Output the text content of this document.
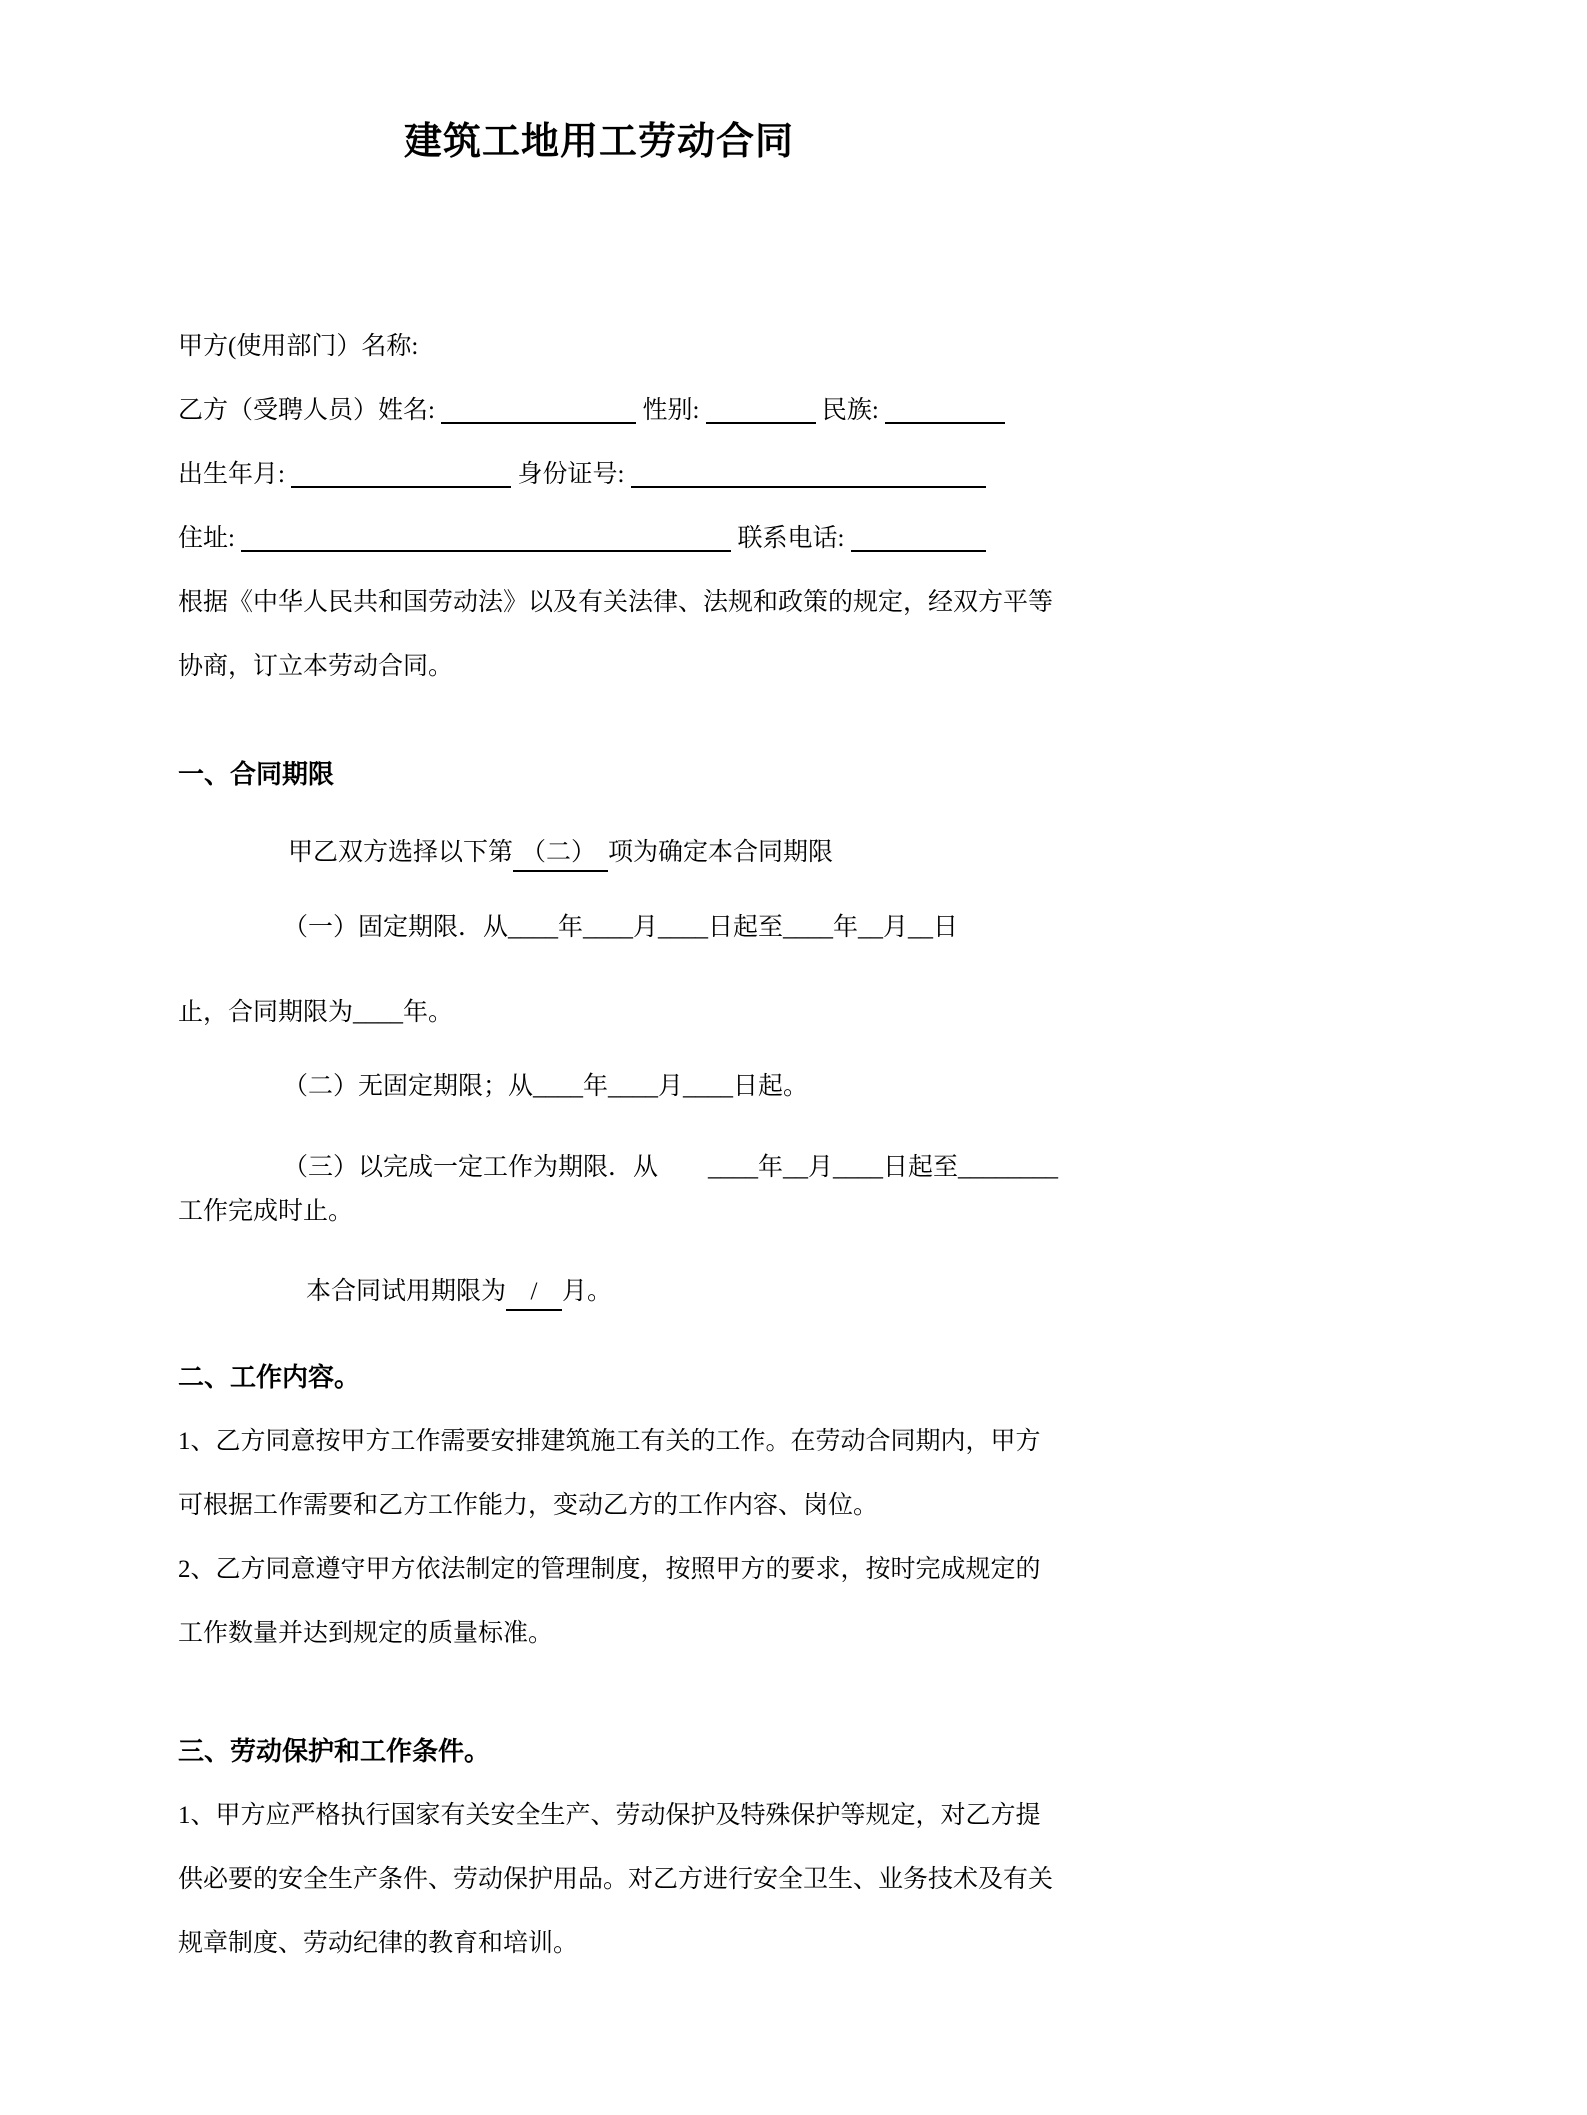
建筑工地用工劳动合同

甲方(使用部门）名称:

乙方（受聘人员）姓名:	性别:	民族:

出生年月:	身份证号:

住址:	联系电话:

根据《中华人民共和国劳动法》以及有关法律、法规和政策的规定，经双方平等

协商，订立本劳动合同。

一、合同期限

甲乙双方选择以下第 （二） 项为确定本合同期限

（一）固定期限．从____年____月____日起至____年__月__日

止，合同期限为____年。

（二）无固定期限；从____年____月____日起。

（三）以完成一定工作为期限．从　　____年__月____日起至________

工作完成时止。

本合同试用期限为 / 月。

二、工作内容。

1、乙方同意按甲方工作需要安排建筑施工有关的工作。在劳动合同期内，甲方

可根据工作需要和乙方工作能力，变动乙方的工作内容、岗位。

2、乙方同意遵守甲方依法制定的管理制度，按照甲方的要求，按时完成规定的

工作数量并达到规定的质量标准。

三、劳动保护和工作条件。

1、甲方应严格执行国家有关安全生产、劳动保护及特殊保护等规定，对乙方提

供必要的安全生产条件、劳动保护用品。对乙方进行安全卫生、业务技术及有关

规章制度、劳动纪律的教育和培训。
